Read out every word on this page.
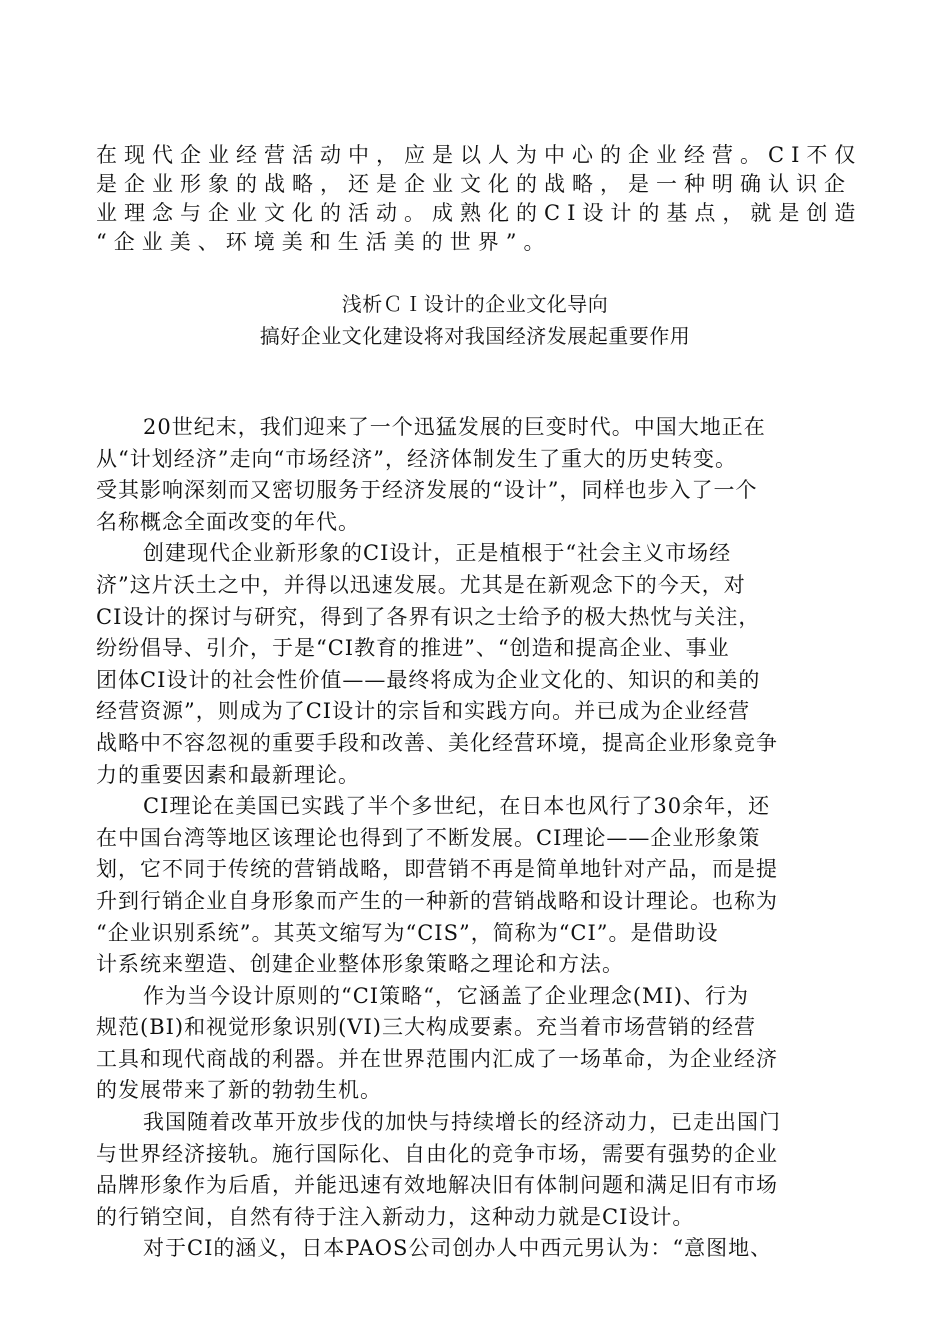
在现代企业经营活动中，应是以人为中心的企业经营。CI不仅

是企业形象的战略，还是企业文化的战略，是一种明确认识企

业理念与企业文化的活动。成熟化的CI设计的基点，就是创造

“企业美、环境美和生活美的世界”。

浅析ＣＩ设计的企业文化导向
搞好企业文化建设将对我国经济发展起重要作用
20世纪末，我们迎来了一个迅猛发展的巨变时代。中国大地正在
从“计划经济”走向“市场经济”，经济体制发生了重大的历史转变。
受其影响深刻而又密切服务于经济发展的“设计”，同样也步入了一个
名称概念全面改变的年代。
创建现代企业新形象的CI设计，正是植根于“社会主义市场经
济”这片沃土之中，并得以迅速发展。尤其是在新观念下的今天，对
CI设计的探讨与研究，得到了各界有识之士给予的极大热忱与关注，
纷纷倡导、引介，于是“CI教育的推进”、“创造和提高企业、事业
团体CI设计的社会性价值——最终将成为企业文化的、知识的和美的
经营资源”，则成为了CI设计的宗旨和实践方向。并已成为企业经营
战略中不容忽视的重要手段和改善、美化经营环境，提高企业形象竞争
力的重要因素和最新理论。
CI理论在美国已实践了半个多世纪，在日本也风行了30余年，还
在中国台湾等地区该理论也得到了不断发展。CI理论——企业形象策
划，它不同于传统的营销战略，即营销不再是简单地针对产品，而是提
升到行销企业自身形象而产生的一种新的营销战略和设计理论。也称为
“企业识别系统”。其英文缩写为“CIS”，简称为“CI”。是借助设
计系统来塑造、创建企业整体形象策略之理论和方法。
作为当今设计原则的“CI策略“，它涵盖了企业理念(MI)、行为
规范(BI)和视觉形象识别(VI)三大构成要素。充当着市场营销的经营
工具和现代商战的利器。并在世界范围内汇成了一场革命，为企业经济
的发展带来了新的勃勃生机。
我国随着改革开放步伐的加快与持续增长的经济动力，已走出国门
与世界经济接轨。施行国际化、自由化的竞争市场，需要有强势的企业
品牌形象作为后盾，并能迅速有效地解决旧有体制问题和满足旧有市场
的行销空间，自然有待于注入新动力，这种动力就是CI设计。
对于CI的涵义，日本PAOS公司创办人中西元男认为：“意图地、
